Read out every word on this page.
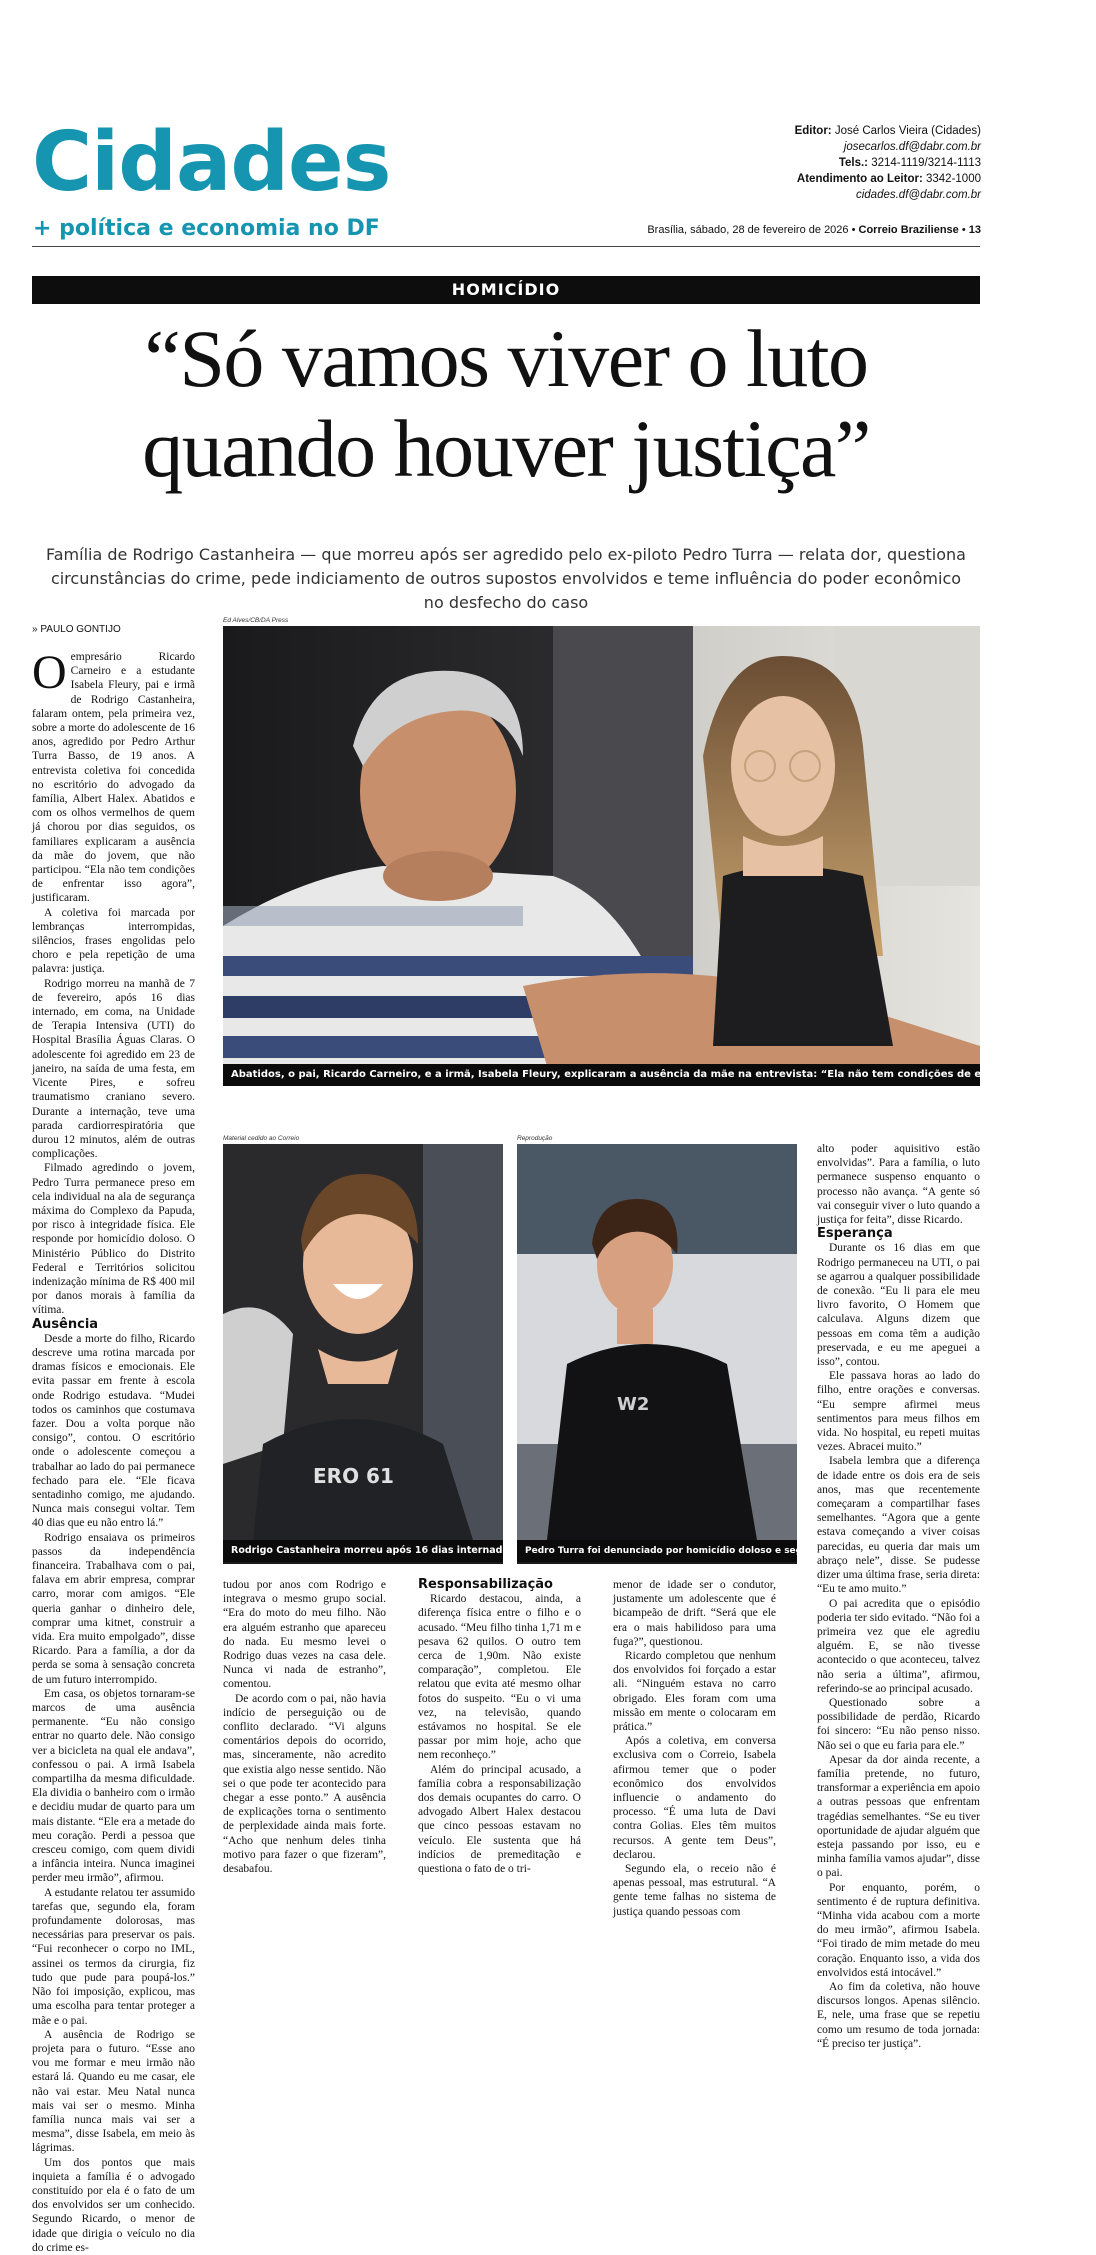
Cidades
+ política e economia no DF
Editor: José Carlos Vieira (Cidades)
josecarlos.df@dabr.com.br
Tels.: 3214-1119/3214-1113
Atendimento ao Leitor: 3342-1000
cidades.df@dabr.com.br
Brasília, sábado, 28 de fevereiro de 2026 • Correio Braziliense • 13
HOMICÍDIO
“Só vamos viver o luto
quando houver justiça”
Família de Rodrigo Castanheira — que morreu após ser agredido pelo ex-piloto Pedro Turra — relata dor, questiona circunstâncias do crime, pede indiciamento de outros supostos envolvidos e teme influência do poder econômico no desfecho do caso
» PAULO GONTIJO

Oempresário Ricardo Carneiro e a estudante Isabela Fleury, pai e irmã de Rodrigo Castanheira, falaram ontem, pela primeira vez, sobre a morte do adolescente de 16 anos, agredido por Pedro Arthur Turra Basso, de 19 anos. A entrevista coletiva foi concedida no escritório do advogado da família, Albert Halex. Abatidos e com os olhos vermelhos de quem já chorou por dias seguidos, os familiares explicaram a ausência da mãe do jovem, que não participou. “Ela não tem condições de enfrentar isso agora”, justificaram.

A coletiva foi marcada por lembranças interrompidas, silêncios, frases engolidas pelo choro e pela repetição de uma palavra: justiça.

Rodrigo morreu na manhã de 7 de fevereiro, após 16 dias internado, em coma, na Unidade de Terapia Intensiva (UTI) do Hospital Brasília Águas Claras. O adolescente foi agredido em 23 de janeiro, na saída de uma festa, em Vicente Pires, e sofreu traumatismo craniano severo. Durante a internação, teve uma parada cardiorrespiratória que durou 12 minutos, além de outras complicações.

Filmado agredindo o jovem, Pedro Turra permanece preso em cela individual na ala de segurança máxima do Complexo da Papuda, por risco à integridade física. Ele responde por homicídio doloso. O Ministério Público do Distrito Federal e Territórios solicitou indenização mínima de R$ 400 mil por danos morais à família da vítima.

Ausência

Desde a morte do filho, Ricardo descreve uma rotina marcada por dramas físicos e emocionais. Ele evita passar em frente à escola onde Rodrigo estudava. “Mudei todos os caminhos que costumava fazer. Dou a volta porque não consigo”, contou. O escritório onde o adolescente começou a trabalhar ao lado do pai permanece fechado para ele. “Ele ficava sentadinho comigo, me ajudando. Nunca mais consegui voltar. Tem 40 dias que eu não entro lá.”

Rodrigo ensaiava os primeiros passos da independência financeira. Trabalhava com o pai, falava em abrir empresa, comprar carro, morar com amigos. “Ele queria ganhar o dinheiro dele, comprar uma kitnet, construir a vida. Era muito empolgado”, disse Ricardo. Para a família, a dor da perda se soma à sensação concreta de um futuro interrompido.

Em casa, os objetos tornaram-se marcos de uma ausência permanente. “Eu não consigo entrar no quarto dele. Não consigo ver a bicicleta na qual ele andava”, confessou o pai. A irmã Isabela compartilha da mesma dificuldade. Ela dividia o banheiro com o irmão e decidiu mudar de quarto para um mais distante. “Ele era a metade do meu coração. Perdi a pessoa que cresceu comigo, com quem dividi a infância inteira. Nunca imaginei perder meu irmão”, afirmou.

A estudante relatou ter assumido tarefas que, segundo ela, foram profundamente dolorosas, mas necessárias para preservar os pais. “Fui reconhecer o corpo no IML, assinei os termos da cirurgia, fiz tudo que pude para poupá-los.” Não foi imposição, explicou, mas uma escolha para tentar proteger a mãe e o pai.

A ausência de Rodrigo se projeta para o futuro. “Esse ano vou me formar e meu irmão não estará lá. Quando eu me casar, ele não vai estar. Meu Natal nunca mais vai ser o mesmo. Minha família nunca mais vai ser a mesma”, disse Isabela, em meio às lágrimas.

Um dos pontos que mais inquieta a família é o advogado constituído por ela é o fato de um dos envolvidos ser um conhecido. Segundo Ricardo, o menor de idade que dirigia o veículo no dia do crime es-

Ed Alves/CB/DA Press
Abatidos, o pai, Ricardo Carneiro, e a irmã, Isabela Fleury, explicaram a ausência da mãe na entrevista: “Ela não tem condições de enfrentar isso agora”
Material cedido ao Correio
ERO 61
Rodrigo Castanheira morreu após 16 dias internado
Reprodução
W2
Pedro Turra foi denunciado por homicídio doloso e segue preso

tudou por anos com Rodrigo e integrava o mesmo grupo social. “Era do moto do meu filho. Não era alguém estranho que apareceu do nada. Eu mesmo levei o Rodrigo duas vezes na casa dele. Nunca vi nada de estranho”, comentou.

De acordo com o pai, não havia indício de perseguição ou de conflito declarado. “Vi alguns comentários depois do ocorrido, mas, sinceramente, não acredito que existia algo nesse sentido. Não sei o que pode ter acontecido para chegar a esse ponto.” A ausência de explicações torna o sentimento de perplexidade ainda mais forte. “Acho que nenhum deles tinha motivo para fazer o que fizeram”, desabafou.

Responsabilização

Ricardo destacou, ainda, a diferença física entre o filho e o acusado. “Meu filho tinha 1,71 m e pesava 62 quilos. O outro tem cerca de 1,90m. Não existe comparação”, completou. Ele relatou que evita até mesmo olhar fotos do suspeito. “Eu o vi uma vez, na televisão, quando estávamos no hospital. Se ele passar por mim hoje, acho que nem reconheço.”

Além do principal acusado, a família cobra a responsabilização dos demais ocupantes do carro. O advogado Albert Halex destacou que cinco pessoas estavam no veículo. Ele sustenta que há indícios de premeditação e questiona o fato de o tri-

menor de idade ser o condutor, justamente um adolescente que é bicampeão de drift. “Será que ele era o mais habilidoso para uma fuga?”, questionou.

Ricardo completou que nenhum dos envolvidos foi forçado a estar ali. “Ninguém estava no carro obrigado. Eles foram com uma missão em mente o colocaram em prática.”

Após a coletiva, em conversa exclusiva com o Correio, Isabela afirmou temer que o poder econômico dos envolvidos influencie o andamento do processo. “É uma luta de Davi contra Golias. Eles têm muitos recursos. A gente tem Deus”, declarou.

Segundo ela, o receio não é apenas pessoal, mas estrutural. “A gente teme falhas no sistema de justiça quando pessoas com

alto poder aquisitivo estão envolvidas”. Para a família, o luto permanece suspenso enquanto o processo não avança. “A gente só vai conseguir viver o luto quando a justiça for feita”, disse Ricardo.

Esperança

Durante os 16 dias em que Rodrigo permaneceu na UTI, o pai se agarrou a qualquer possibilidade de conexão. “Eu li para ele meu livro favorito, O Homem que calculava. Alguns dizem que pessoas em coma têm a audição preservada, e eu me apeguei a isso”, contou.

Ele passava horas ao lado do filho, entre orações e conversas. “Eu sempre afirmei meus sentimentos para meus filhos em vida. No hospital, eu repeti muitas vezes. Abracei muito.”

Isabela lembra que a diferença de idade entre os dois era de seis anos, mas que recentemente começaram a compartilhar fases semelhantes. “Agora que a gente estava começando a viver coisas parecidas, eu queria dar mais um abraço nele”, disse. Se pudesse dizer uma última frase, seria direta: “Eu te amo muito.”

O pai acredita que o episódio poderia ter sido evitado. “Não foi a primeira vez que ele agrediu alguém. E, se não tivesse acontecido o que aconteceu, talvez não seria a última”, afirmou, referindo-se ao principal acusado.

Questionado sobre a possibilidade de perdão, Ricardo foi sincero: “Eu não penso nisso. Não sei o que eu faria para ele.”

Apesar da dor ainda recente, a família pretende, no futuro, transformar a experiência em apoio a outras pessoas que enfrentam tragédias semelhantes. “Se eu tiver oportunidade de ajudar alguém que esteja passando por isso, eu e minha família vamos ajudar”, disse o pai.

Por enquanto, porém, o sentimento é de ruptura definitiva. “Minha vida acabou com a morte do meu irmão”, afirmou Isabela. “Foi tirado de mim metade do meu coração. Enquanto isso, a vida dos envolvidos está intocável.”

Ao fim da coletiva, não houve discursos longos. Apenas silêncio. E, nele, uma frase que se repetiu como um resumo de toda jornada: “É preciso ter justiça”.
